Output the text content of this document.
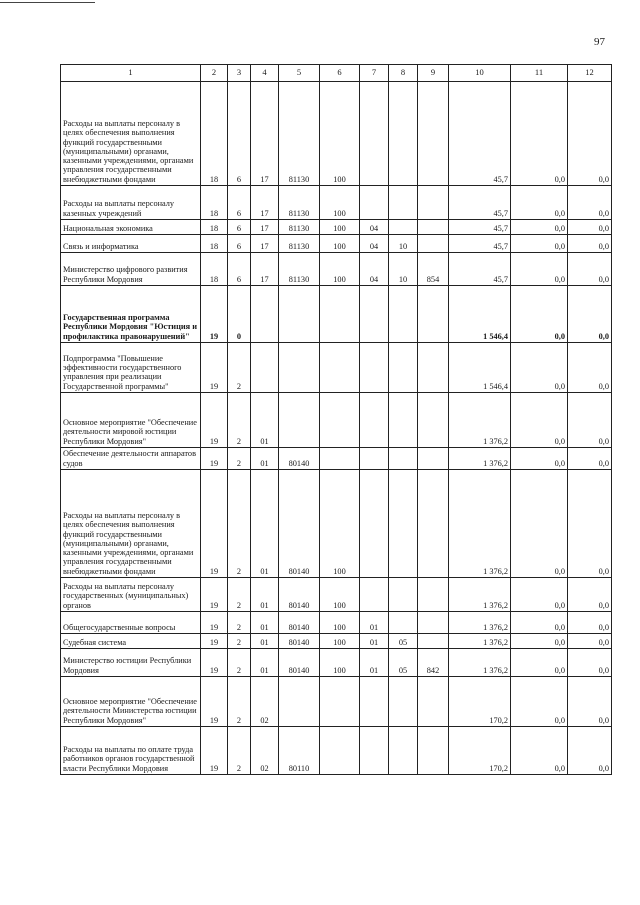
97
1	2	3	4	5	6	7	8	9	10	11	12
Расходы на выплаты персоналу в целях обеспечения выполнения функций государственными (муниципальными) органами, казенными учреждениями, органами управления государственными внебюджетными фондами	18	6	17	81130	100				45,7	0,0	0,0
Расходы на выплаты персоналу казенных учреждений	18	6	17	81130	100				45,7	0,0	0,0
Национальная экономика	18	6	17	81130	100	04			45,7	0,0	0,0
Связь и информатика	18	6	17	81130	100	04	10		45,7	0,0	0,0
Министерство цифрового развития Республики Мордовия	18	6	17	81130	100	04	10	854	45,7	0,0	0,0
Государственная программа Республики Мордовия "Юстиция и профилактика правонарушений"	19	0							1 546,4	0,0	0,0
Подпрограмма "Повышение эффективности государственного управления при реализации Государственной программы"	19	2							1 546,4	0,0	0,0
Основное мероприятие "Обеспечение деятельности мировой юстиции Республики Мордовия"	19	2	01						1 376,2	0,0	0,0
Обеспечение деятельности аппаратов судов	19	2	01	80140					1 376,2	0,0	0,0
Расходы на выплаты персоналу в целях обеспечения выполнения функций государственными (муниципальными) органами, казенными учреждениями, органами управления государственными внебюджетными фондами	19	2	01	80140	100				1 376,2	0,0	0,0
Расходы на выплаты персоналу государственных (муниципальных) органов	19	2	01	80140	100				1 376,2	0,0	0,0
Общегосударственные вопросы	19	2	01	80140	100	01			1 376,2	0,0	0,0
Судебная система	19	2	01	80140	100	01	05		1 376,2	0,0	0,0
Министерство юстиции Республики Мордовия	19	2	01	80140	100	01	05	842	1 376,2	0,0	0,0
Основное мероприятие "Обеспечение деятельности Министерства юстиции Республики Мордовия"	19	2	02						170,2	0,0	0,0
Расходы на выплаты по оплате труда работников органов государственной власти Республики Мордовия	19	2	02	80110					170,2	0,0	0,0
